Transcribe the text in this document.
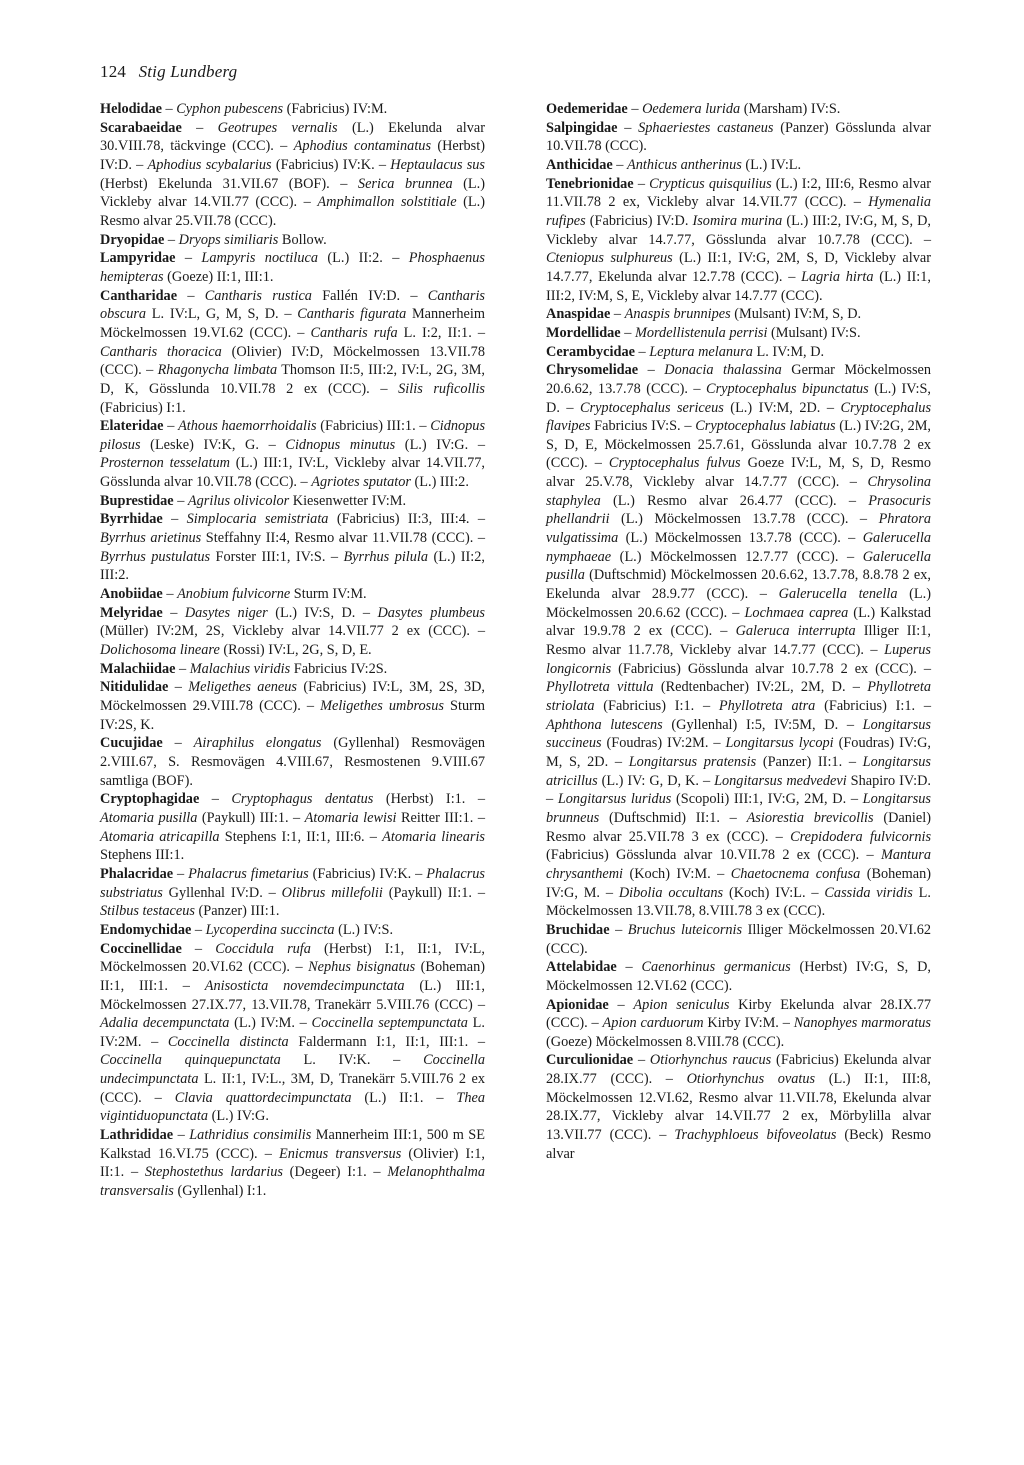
124 Stig Lundberg

Helodidae – Cyphon pubescens (Fabricius) IV:M.

Scarabaeidae – Geotrupes vernalis (L.) Ekelunda alvar 30.VIII.78, täckvinge (CCC). – Aphodius contaminatus (Herbst) IV:D. – Aphodius scybalarius (Fabricius) IV:K. – Heptaulacus sus (Herbst) Ekelunda 31.VII.67 (BOF). – Serica brunnea (L.) Vickleby alvar 14.VII.77 (CCC). – Amphimallon solstitiale (L.) Resmo alvar 25.VII.78 (CCC).

Dryopidae – Dryops similiaris Bollow.

Lampyridae – Lampyris noctiluca (L.) II:2. – Phosphaenus hemipteras (Goeze) II:1, III:1.

Cantharidae – Cantharis rustica Fallén IV:D. – Cantharis obscura L. IV:L, G, M, S, D. – Cantharis figurata Mannerheim Möckelmossen 19.VI.62 (CCC). – Cantharis rufa L. I:2, II:1. – Cantharis thoracica (Olivier) IV:D, Möckelmossen 13.VII.78 (CCC). – Rhagonycha limbata Thomson II:5, III:2, IV:L, 2G, 3M, D, K, Gösslunda 10.VII.78 2 ex (CCC). – Silis ruficollis (Fabricius) I:1.

Elateridae – Athous haemorrhoidalis (Fabricius) III:1. – Cidnopus pilosus (Leske) IV:K, G. – Cidnopus minutus (L.) IV:G. – Prosternon tesselatum (L.) III:1, IV:L, Vickleby alvar 14.VII.77, Gösslunda alvar 10.VII.78 (CCC). – Agriotes sputator (L.) III:2.

Buprestidae – Agrilus olivicolor Kiesenwetter IV:M.

Byrrhidae – Simplocaria semistriata (Fabricius) II:3, III:4. – Byrrhus arietinus Steffahny II:4, Resmo alvar 11.VII.78 (CCC). – Byrrhus pustulatus Forster III:1, IV:S. – Byrrhus pilula (L.) II:2, III:2.

Anobiidae – Anobium fulvicorne Sturm IV:M.

Melyridae – Dasytes niger (L.) IV:S, D. – Dasytes plumbeus (Müller) IV:2M, 2S, Vickleby alvar 14.VII.77 2 ex (CCC). – Dolichosoma lineare (Rossi) IV:L, 2G, S, D, E.

Malachiidae – Malachius viridis Fabricius IV:2S.

Nitidulidae – Meligethes aeneus (Fabricius) IV:L, 3M, 2S, 3D, Möckelmossen 29.VIII.78 (CCC). – Meligethes umbrosus Sturm IV:2S, K.

Cucujidae – Airaphilus elongatus (Gyllenhal) Resmovägen 2.VIII.67, S. Resmovägen 4.VIII.67, Resmostenen 9.VIII.67 samtliga (BOF).

Cryptophagidae – Cryptophagus dentatus (Herbst) I:1. – Atomaria pusilla (Paykull) III:1. – Atomaria lewisi Reitter III:1. – Atomaria atricapilla Stephens I:1, II:1, III:6. – Atomaria linearis Stephens III:1.

Phalacridae – Phalacrus fimetarius (Fabricius) IV:K. – Phalacrus substriatus Gyllenhal IV:D. – Olibrus millefolii (Paykull) II:1. – Stilbus testaceus (Panzer) III:1.

Endomychidae – Lycoperdina succincta (L.) IV:S.

Coccinellidae – Coccidula rufa (Herbst) I:1, II:1, IV:L, Möckelmossen 20.VI.62 (CCC). – Nephus bisignatus (Boheman) II:1, III:1. – Anisosticta novemdecimpunctata (L.) III:1, Möckelmossen 27.IX.77, 13.VII.78, Tranekärr 5.VIII.76 (CCC) – Adalia decempunctata (L.) IV:M. – Coccinella septempunctata L. IV:2M. – Coccinella distincta Faldermann I:1, II:1, III:1. – Coccinella quinquepunctata L. IV:K. – Coccinella undecimpunctata L. II:1, IV:L., 3M, D, Tranekärr 5.VIII.76 2 ex (CCC). – Clavia quattordecimpunctata (L.) II:1. – Thea vigintiduopunctata (L.) IV:G.

Lathrididae – Lathridius consimilis Mannerheim III:1, 500 m SE Kalkstad 16.VI.75 (CCC). – Enicmus transversus (Olivier) I:1, II:1. – Stephostethus lardarius (Degeer) I:1. – Melanophthalma transversalis (Gyllenhal) I:1.

Oedemeridae – Oedemera lurida (Marsham) IV:S.

Salpingidae – Sphaeriestes castaneus (Panzer) Gösslunda alvar 10.VII.78 (CCC).

Anthicidae – Anthicus antherinus (L.) IV:L.

Tenebrionidae – Crypticus quisquilius (L.) I:2, III:6, Resmo alvar 11.VII.78 2 ex, Vickleby alvar 14.VII.77 (CCC). – Hymenalia rufipes (Fabricius) IV:D. Isomira murina (L.) III:2, IV:G, M, S, D, Vickleby alvar 14.7.77, Gösslunda alvar 10.7.78 (CCC). – Cteniopus sulphureus (L.) II:1, IV:G, 2M, S, D, Vickleby alvar 14.7.77, Ekelunda alvar 12.7.78 (CCC). – Lagria hirta (L.) II:1, III:2, IV:M, S, E, Vickleby alvar 14.7.77 (CCC).

Anaspidae – Anaspis brunnipes (Mulsant) IV:M, S, D.

Mordellidae – Mordellistenula perrisi (Mulsant) IV:S.

Cerambycidae – Leptura melanura L. IV:M, D.

Chrysomelidae – Donacia thalassina Germar Möckelmossen 20.6.62, 13.7.78 (CCC). – Cryptocephalus bipunctatus (L.) IV:S, D. – Cryptocephalus sericeus (L.) IV:M, 2D. – Cryptocephalus flavipes Fabricius IV:S. – Cryptocephalus labiatus (L.) IV:2G, 2M, S, D, E, Möckelmossen 25.7.61, Gösslunda alvar 10.7.78 2 ex (CCC). – Cryptocephalus fulvus Goeze IV:L, M, S, D, Resmo alvar 25.V.78, Vickleby alvar 14.7.77 (CCC). – Chrysolina staphylea (L.) Resmo alvar 26.4.77 (CCC). – Prasocuris phellandrii (L.) Möckelmossen 13.7.78 (CCC). – Phratora vulgatissima (L.) Möckelmossen 13.7.78 (CCC). – Galerucella nymphaeae (L.) Möckelmossen 12.7.77 (CCC). – Galerucella pusilla (Duftschmid) Möckelmossen 20.6.62, 13.7.78, 8.8.78 2 ex, Ekelunda alvar 28.9.77 (CCC). – Galerucella tenella (L.) Möckelmossen 20.6.62 (CCC). – Lochmaea caprea (L.) Kalkstad alvar 19.9.78 2 ex (CCC). – Galeruca interrupta Illiger II:1, Resmo alvar 11.7.78, Vickleby alvar 14.7.77 (CCC). – Luperus longicornis (Fabricius) Gösslunda alvar 10.7.78 2 ex (CCC). – Phyllotreta vittula (Redtenbacher) IV:2L, 2M, D. – Phyllotreta striolata (Fabricius) I:1. – Phyllotreta atra (Fabricius) I:1. – Aphthona lutescens (Gyllenhal) I:5, IV:5M, D. – Longitarsus succineus (Foudras) IV:2M. – Longitarsus lycopi (Foudras) IV:G, M, S, 2D. – Longitarsus pratensis (Panzer) II:1. – Longitarsus atricillus (L.) IV: G, D, K. – Longitarsus medvedevi Shapiro IV:D. – Longitarsus luridus (Scopoli) III:1, IV:G, 2M, D. – Longitarsus brunneus (Duftschmid) II:1. – Asiorestia brevicollis (Daniel) Resmo alvar 25.VII.78 3 ex (CCC). – Crepidodera fulvicornis (Fabricius) Gösslunda alvar 10.VII.78 2 ex (CCC). – Mantura chrysanthemi (Koch) IV:M. – Chaetocnema confusa (Boheman) IV:G, M. – Dibolia occultans (Koch) IV:L. – Cassida viridis L. Möckelmossen 13.VII.78, 8.VIII.78 3 ex (CCC).

Bruchidae – Bruchus luteicornis Illiger Möckelmossen 20.VI.62 (CCC).

Attelabidae – Caenorhinus germanicus (Herbst) IV:G, S, D, Möckelmossen 12.VI.62 (CCC).

Apionidae – Apion seniculus Kirby Ekelunda alvar 28.IX.77 (CCC). – Apion carduorum Kirby IV:M. – Nanophyes marmoratus (Goeze) Möckelmossen 8.VIII.78 (CCC).

Curculionidae – Otiorhynchus raucus (Fabricius) Ekelunda alvar 28.IX.77 (CCC). – Otiorhynchus ovatus (L.) II:1, III:8, Möckelmossen 12.VI.62, Resmo alvar 11.VII.78, Ekelunda alvar 28.IX.77, Vickleby alvar 14.VII.77 2 ex, Mörbylilla alvar 13.VII.77 (CCC). – Trachyphloeus bifoveolatus (Beck) Resmo alvar
